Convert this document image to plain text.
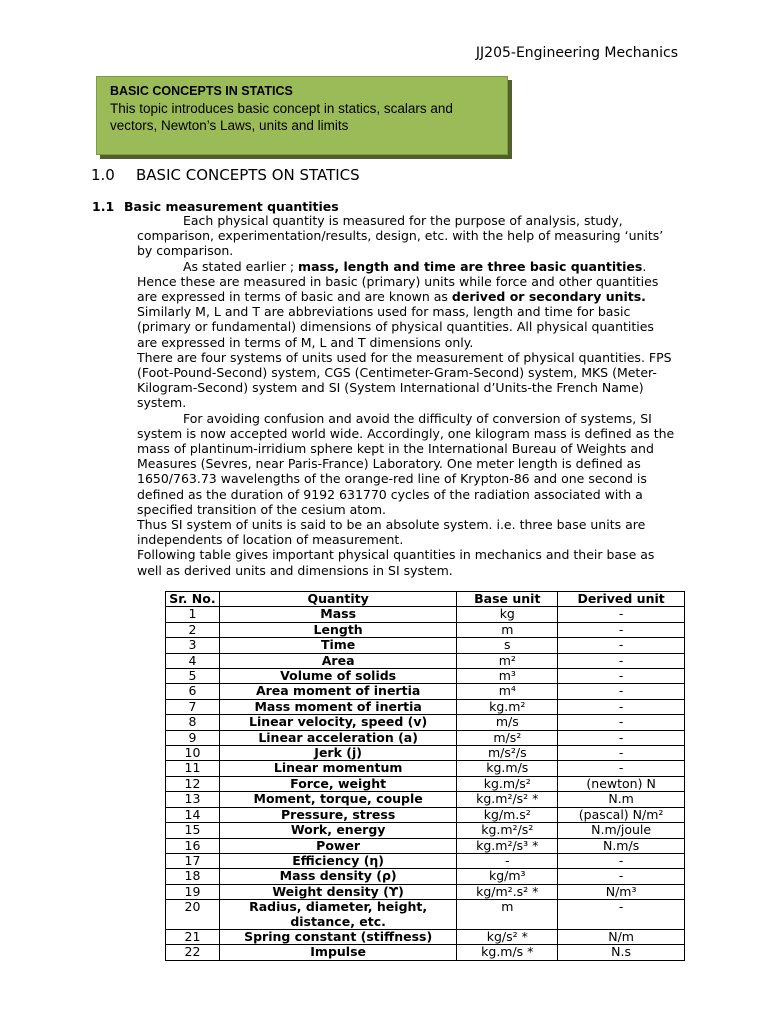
JJ205-Engineering Mechanics
BASIC CONCEPTS IN STATICS
This topic introduces basic concept in statics, scalars and vectors, Newton’s Laws, units and limits
1.0 BASIC CONCEPTS ON STATICS
1.1 Basic measurement quantities

Each physical quantity is measured for the purpose of analysis, study, comparison, experimentation/results, design, etc. with the help of measuring ‘units’ by comparison.

As stated earlier ; mass, length and time are three basic quantities. Hence these are measured in basic (primary) units while force and other quantities are expressed in terms of basic and are known as derived or secondary units. Similarly M, L and T are abbreviations used for mass, length and time for basic (primary or fundamental) dimensions of physical quantities. All physical quantities are expressed in terms of M, L and T dimensions only.

There are four systems of units used for the measurement of physical quantities. FPS (Foot-Pound-Second) system, CGS (Centimeter-Gram-Second) system, MKS (Meter-Kilogram-Second) system and SI (System International d’Units-the French Name) system.

For avoiding confusion and avoid the difficulty of conversion of systems, SI system is now accepted world wide. Accordingly, one kilogram mass is defined as the mass of plantinum-irridium sphere kept in the International Bureau of Weights and Measures (Sevres, near Paris-France) Laboratory. One meter length is defined as 1650/763.73 wavelengths of the orange-red line of Krypton-86 and one second is defined as the duration of 9192 631770 cycles of the radiation associated with a specified transition of the cesium atom.

Thus SI system of units is said to be an absolute system. i.e. three base units are independents of location of measurement.

Following table gives important physical quantities in mechanics and their base as well as derived units and dimensions in SI system.

Sr. No.	Quantity	Base unit	Derived unit
1	Mass	kg	-
2	Length	m	-
3	Time	s	-
4	Area	m²	-
5	Volume of solids	m³	-
6	Area moment of inertia	m⁴	-
7	Mass moment of inertia	kg.m²	-
8	Linear velocity, speed (v)	m/s	-
9	Linear acceleration (a)	m/s²	-
10	Jerk (j)	m/s²/s	-
11	Linear momentum	kg.m/s	-
12	Force, weight	kg.m/s²	(newton) N
13	Moment, torque, couple	kg.m²/s² *	N.m
14	Pressure, stress	kg/m.s²	(pascal) N/m²
15	Work, energy	kg.m²/s²	N.m/joule
16	Power	kg.m²/s³ *	N.m/s
17	Efficiency (η)	-	-
18	Mass density (ρ)	kg/m³	-
19	Weight density (ϒ)	kg/m².s² *	N/m³
20	Radius, diameter, height, distance, etc.	m	-
21	Spring constant (stiffness)	kg/s² *	N/m
22	Impulse	kg.m/s *	N.s
